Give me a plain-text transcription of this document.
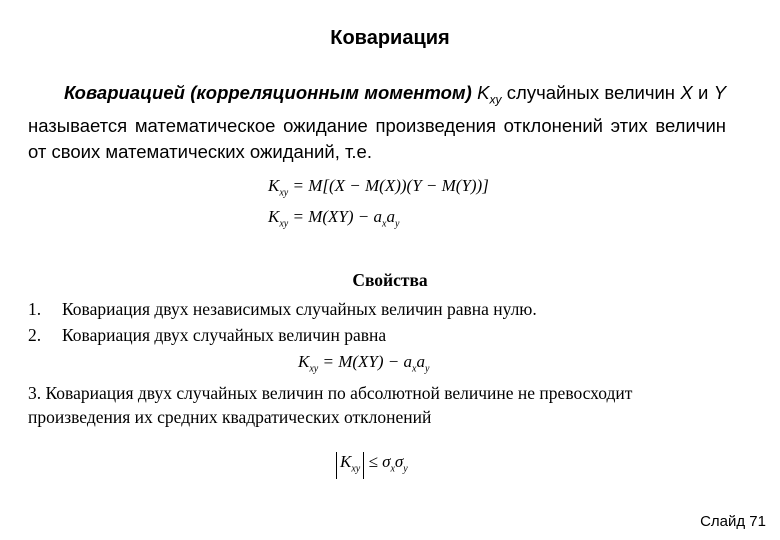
Ковариация
Ковариацией (корреляционным моментом) $K_{xy}$ случайных величин X и Y называется математическое ожидание произведения отклонений этих величин от своих математических ожиданий, т.е.
$K_{xy} = M[(X - M(X))(Y - M(Y))]$
$K_{xy} = M(XY) - a_xa_y$
Свойства
1. Ковариация двух независимых случайных величин равна нулю.
2. Ковариация двух случайных величин равна
$K_{xy} = M(XY) - a_xa_y$
3. Ковариация двух случайных величин по абсолютной величине не превосходит произведения их средних квадратических отклонений
$K_{xy} \le \sigma_x\sigma_y$
Слайд 71
